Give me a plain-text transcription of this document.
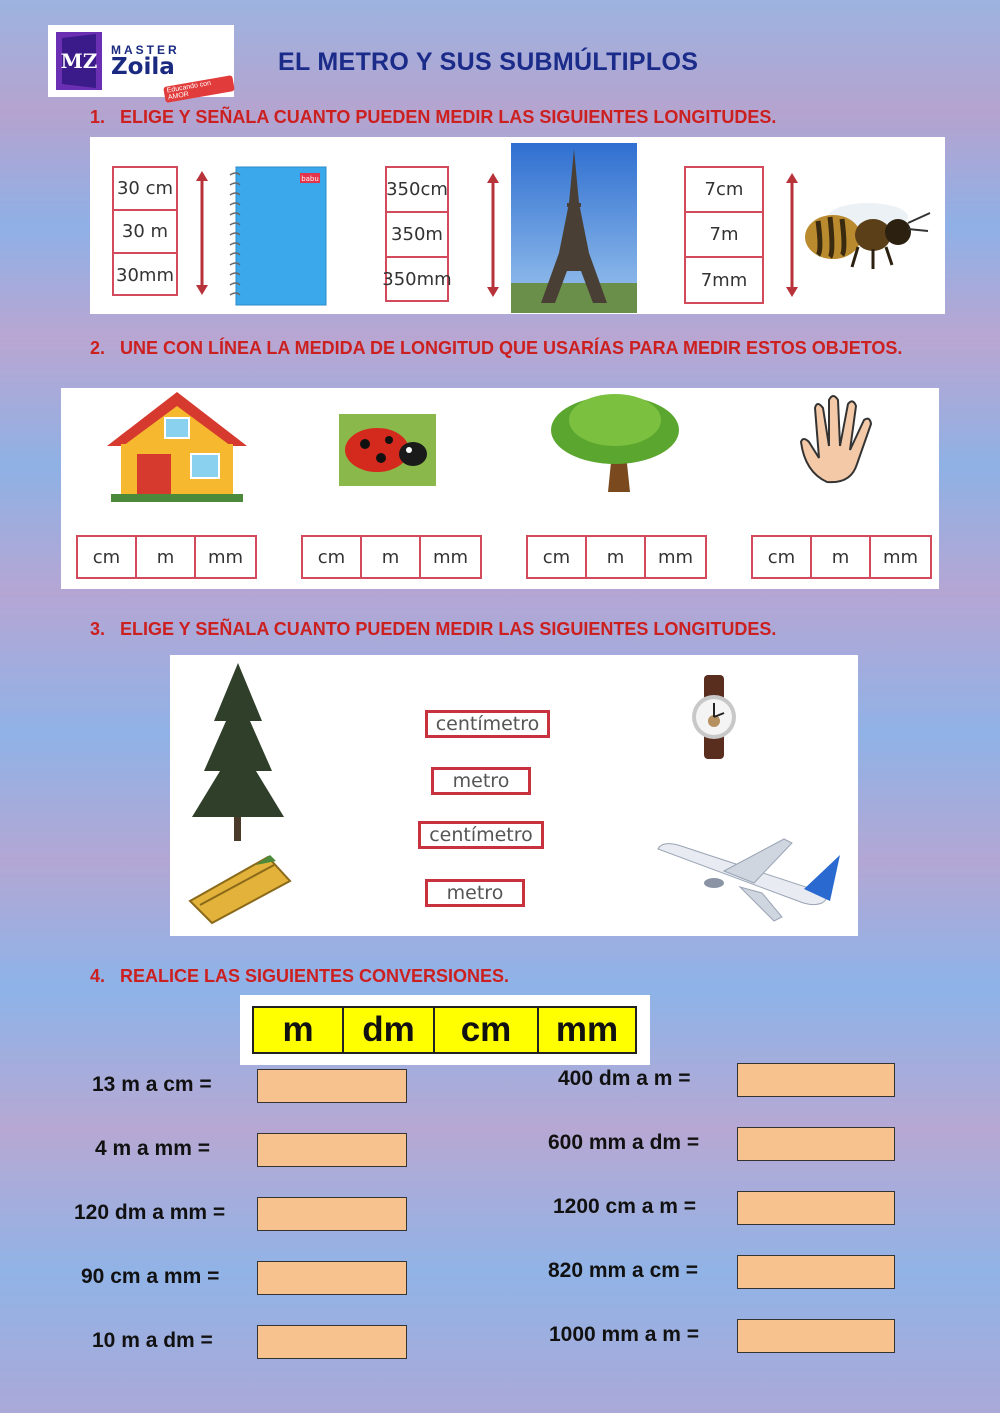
MZ MASTER
Zoila
Educando con AMOR
EL METRO Y SUS SUBMÚLTIPLOS
1. ELIGE Y SEÑALA CUANTO PUEDEN MEDIR LAS SIGUIENTES LONGITUDES.
30 cm
30 m
30mm
babu	350cm
350m
350mm
7cm
7m
7mm
2. UNE CON LÍNEA LA MEDIDA DE LONGITUD QUE USARÍAS PARA MEDIR ESTOS OBJETOS.
cm	m	mm	cm	m	mm	cm	m	mm	cm	m	mm
3. ELIGE Y SEÑALA CUANTO PUEDEN MEDIR LAS SIGUIENTES LONGITUDES.
centímetro
metro
centímetro
metro
4. REALICE LAS SIGUIENTES CONVERSIONES.
m	dm	cm	mm
13 m a cm =
4 m a mm =
120 dm a mm =
90 cm a mm =
10 m a dm =
400 dm a m =
600 mm a dm =
1200 cm a m =
820 mm a cm =
1000 mm a m =
